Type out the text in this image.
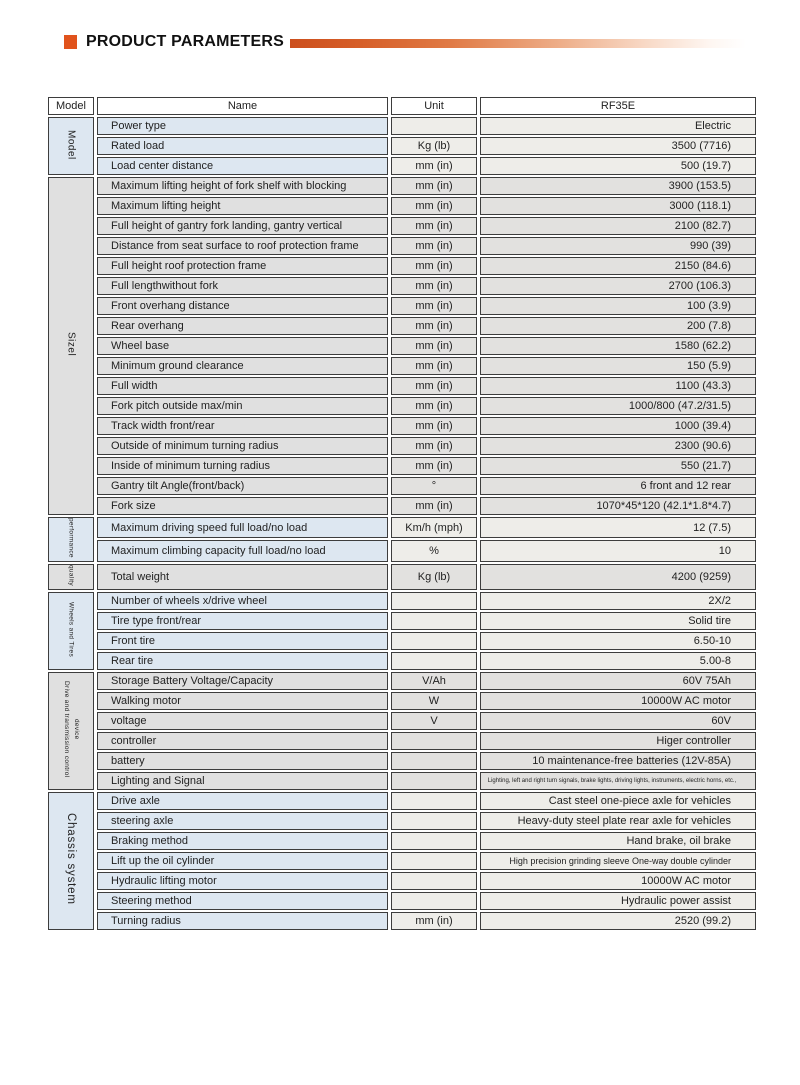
PRODUCT PARAMETERS
Model	Name	Unit	RF35E
Model	Power type		Electric
	Rated load	Kg (lb)	3500 (7716)
	Load center distance	mm (in)	500 (19.7)
Sizel	Maximum lifting height of fork shelf with blocking	mm (in)	3900 (153.5)
	Maximum lifting height	mm (in)	3000 (118.1)
	Full height of gantry fork landing, gantry vertical	mm (in)	2100 (82.7)
	Distance from seat surface to roof protection frame	mm (in)	990 (39)
	Full height roof protection frame	mm (in)	2150 (84.6)
	Full lengthwithout fork	mm (in)	2700 (106.3)
	Front overhang distance	mm (in)	100 (3.9)
	Rear overhang	mm (in)	200 (7.8)
	Wheel base	mm (in)	1580 (62.2)
	Minimum ground clearance	mm (in)	150 (5.9)
	Full width	mm (in)	1100 (43.3)
	Fork pitch outside max/min	mm (in)	1000/800 (47.2/31.5)
	Track width front/rear	mm (in)	1000 (39.4)
	Outside of minimum turning radius	mm (in)	2300 (90.6)
	Inside of minimum turning radius	mm (in)	550 (21.7)
	Gantry tilt Angle(front/back)	°	6 front and 12 rear
	Fork size	mm (in)	1070*45*120 (42.1*1.8*4.7)
performance	Maximum driving speed full load/no load	Km/h (mph)	12 (7.5)
	Maximum climbing capacity full load/no load	%	10
quality	Total weight	Kg (lb)	4200 (9259)
Wheels and Tires	Number of wheels x/drive wheel		2X/2
	Tire type front/rear		Solid tire
	Front tire		6.50-10
	Rear tire		5.00-8
Drive and transmission control device	Storage Battery Voltage/Capacity	V/Ah	60V 75Ah
	Walking motor	W	10000W AC motor
	voltage	V	60V
	controller		Higer controller
	battery		10 maintenance-free batteries (12V-85A)
	Lighting and Signal		Lighting, left and right turn signals, brake lights, driving lights, instruments, electric horns, etc.,
Chassis system	Drive axle		Cast steel one-piece axle for vehicles
	steering axle		Heavy-duty steel plate rear axle for vehicles
	Braking method		Hand brake, oil brake
	Lift up the oil cylinder		High precision grinding sleeve One-way double cylinder
	Hydraulic lifting motor		10000W AC motor
	Steering method		Hydraulic power assist
	Turning radius	mm (in)	2520 (99.2)
